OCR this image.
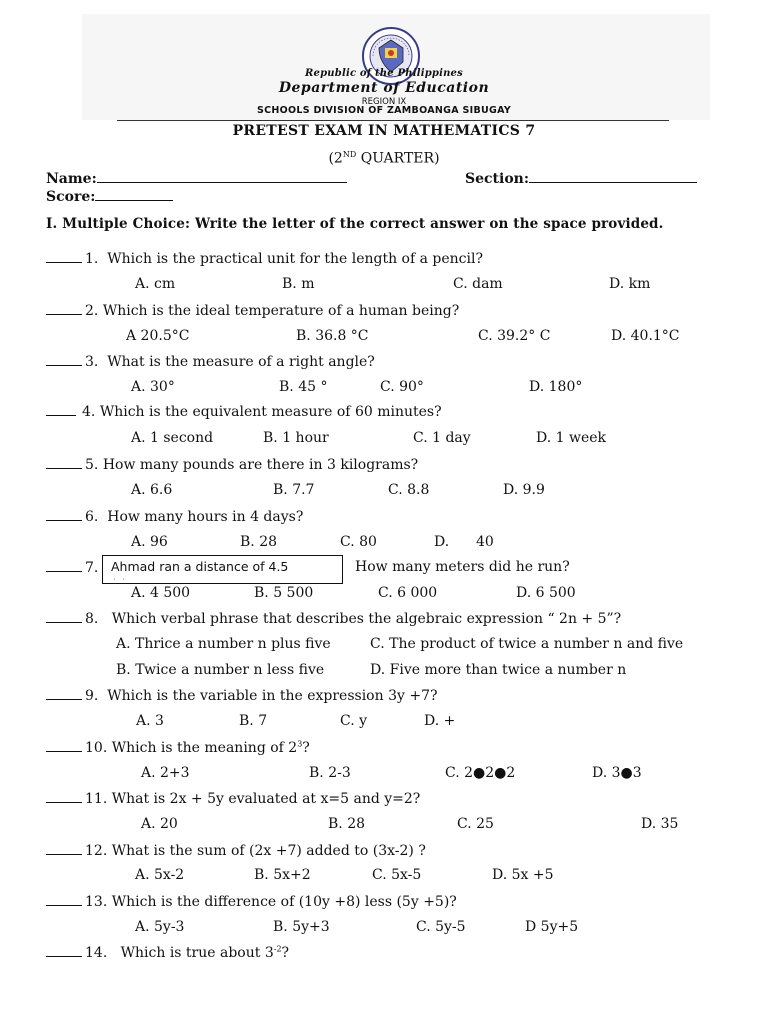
Republic of the Philippines
Department of Education
REGION IX
SCHOOLS DIVISION OF ZAMBOANGA SIBUGAY
PRETEST EXAM IN MATHEMATICS 7
(2ND QUARTER)
Name:	Section:
Score:
I. Multiple Choice: Write the letter of the correct answer on the space provided.
1. Which is the practical unit for the length of a pencil?
A. cm	B. m	C. dam	D. km
2. Which is the ideal temperature of a human being?
A 20.5°C	B. 36.8 °C	C. 39.2° C	D. 40.1°C
3. What is the measure of a right angle?
A. 30°	B. 45 °	C. 90°	D. 180°
4. Which is the equivalent measure of 60 minutes?
A. 1 second	B. 1 hour	C. 1 day	D. 1 week
5. How many pounds are there in 3 kilograms?
A. 6.6	B. 7.7	C. 8.8	D. 9.9
6. How many hours in 4 days?
A. 96	B. 28	C. 80	D. 40
7. Ahmad ran a distance of 4.5
· ·
How many meters did he run?
A. 4 500	B. 5 500	C. 6 000	D. 6 500
8. Which verbal phrase that describes the algebraic expression “ 2n + 5”?
A. Thrice a number n plus five	C. The product of twice a number n and five
B. Twice a number n less five	D. Five more than twice a number n
9. Which is the variable in the expression 3y +7?
A. 3	B. 7	C. y	D. +
10. Which is the meaning of $2^3$?
A. 2+3	B. 2-3	C. 2●2●2	D. 3●3
11. What is 2x + 5y evaluated at x=5 and y=2?
A. 20	B. 28	C. 25	D. 35
12. What is the sum of (2x +7) added to (3x-2) ?
A. 5x-2	B. 5x+2	C. 5x-5	D. 5x +5
13. Which is the difference of (10y +8) less (5y +5)?
A. 5y-3	B. 5y+3	C. 5y-5	D 5y+5
14. Which is true about $3^{-2}$?
